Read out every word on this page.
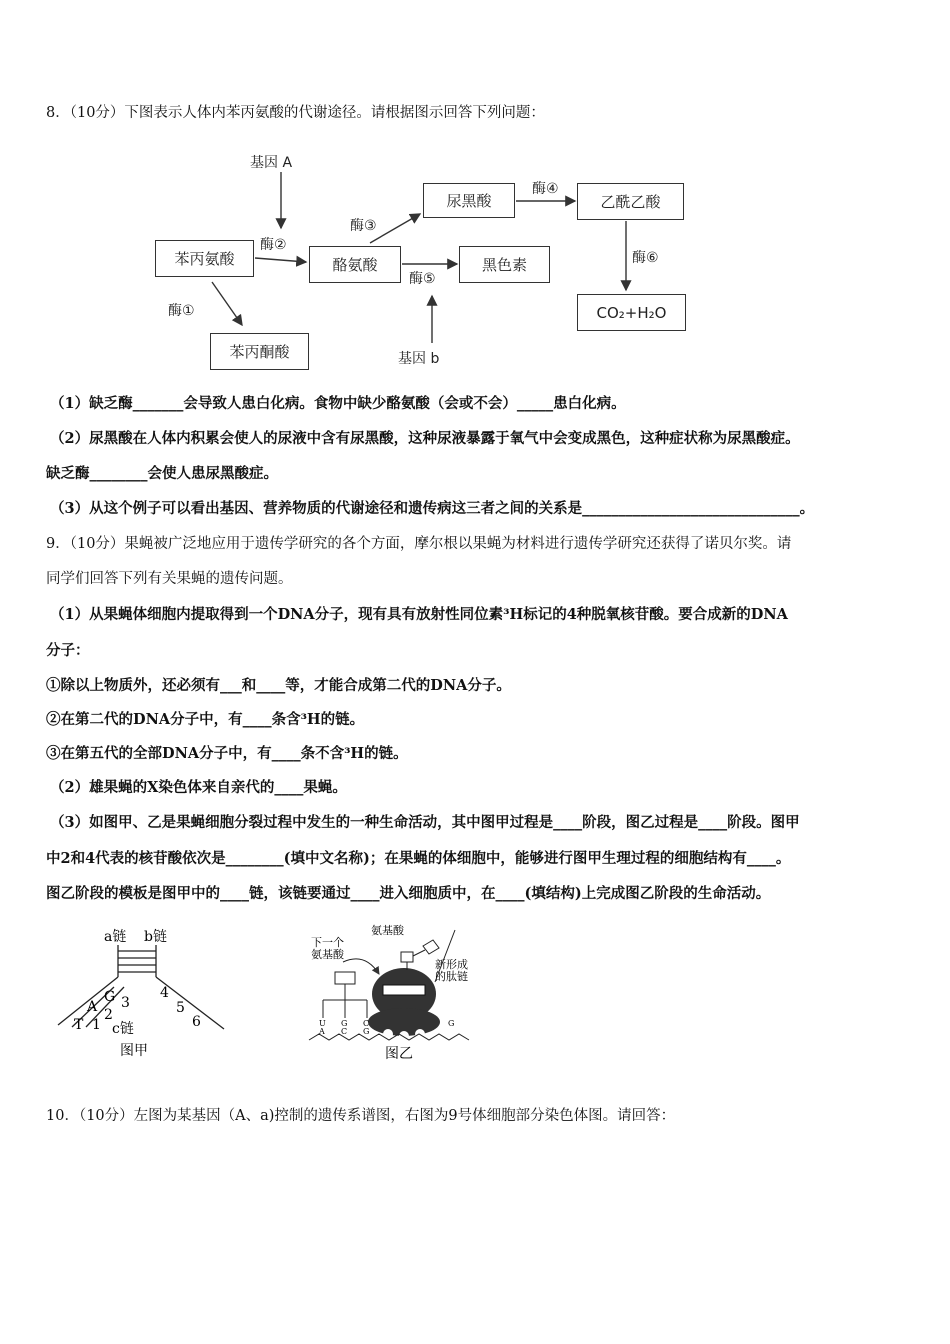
8．（10分）下图表示人体内苯丙氨酸的代谢途径。请根据图示回答下列问题：
基因 A
基因 b
苯丙氨酸	酪氨酸
苯丙酮酸
尿黑酸	乙酰乙酸
黑色素
CO₂+H₂O
酶①
酶②
酶③
酶④
酶⑤
酶⑥
（1）缺乏酶_______会导致人患白化病。食物中缺少酪氨酸（会或不会）_____患白化病。
（2）尿黑酸在人体内积累会使人的尿液中含有尿黑酸，这种尿液暴露于氧气中会变成黑色，这种症状称为尿黑酸症。
缺乏酶________会使人患尿黑酸症。
（3）从这个例子可以看出基因、营养物质的代谢途径和遗传病这三者之间的关系是______________________________。
9．（10分）果蝇被广泛地应用于遗传学研究的各个方面，摩尔根以果蝇为材料进行遗传学研究还获得了诺贝尔奖。请
同学们回答下列有关果蝇的遗传问题。
（1）从果蝇体细胞内提取得到一个DNA分子，现有具有放射性同位素³H标记的4种脱氧核苷酸。要合成新的DNA
分子：
①除以上物质外，还必须有___和____等，才能合成第二代的DNA分子。
②在第二代的DNA分子中，有____条含³H的链。
③在第五代的全部DNA分子中，有____条不含³H的链。
（2）雄果蝇的X染色体来自亲代的____果蝇。
（3）如图甲、乙是果蝇细胞分裂过程中发生的一种生命活动，其中图甲过程是____阶段，图乙过程是____阶段。图甲
中2和4代表的核苷酸依次是________(填中文名称)；在果蝇的体细胞中，能够进行图甲生理过程的细胞结构有____。
图乙阶段的模板是图甲中的____链，该链要通过____进入细胞质中，在____(填结构)上完成图乙阶段的生命活动。
a链 b链
T
A
1
2
G 3
4
5
6
c链
图甲
下一个
氨基酸
氨基酸
新形成
的肽链
U G C
A C G
G
图乙
10．（10分）左图为某基因（A、a)控制的遗传系谱图，右图为9号体细胞部分染色体图。请回答：
